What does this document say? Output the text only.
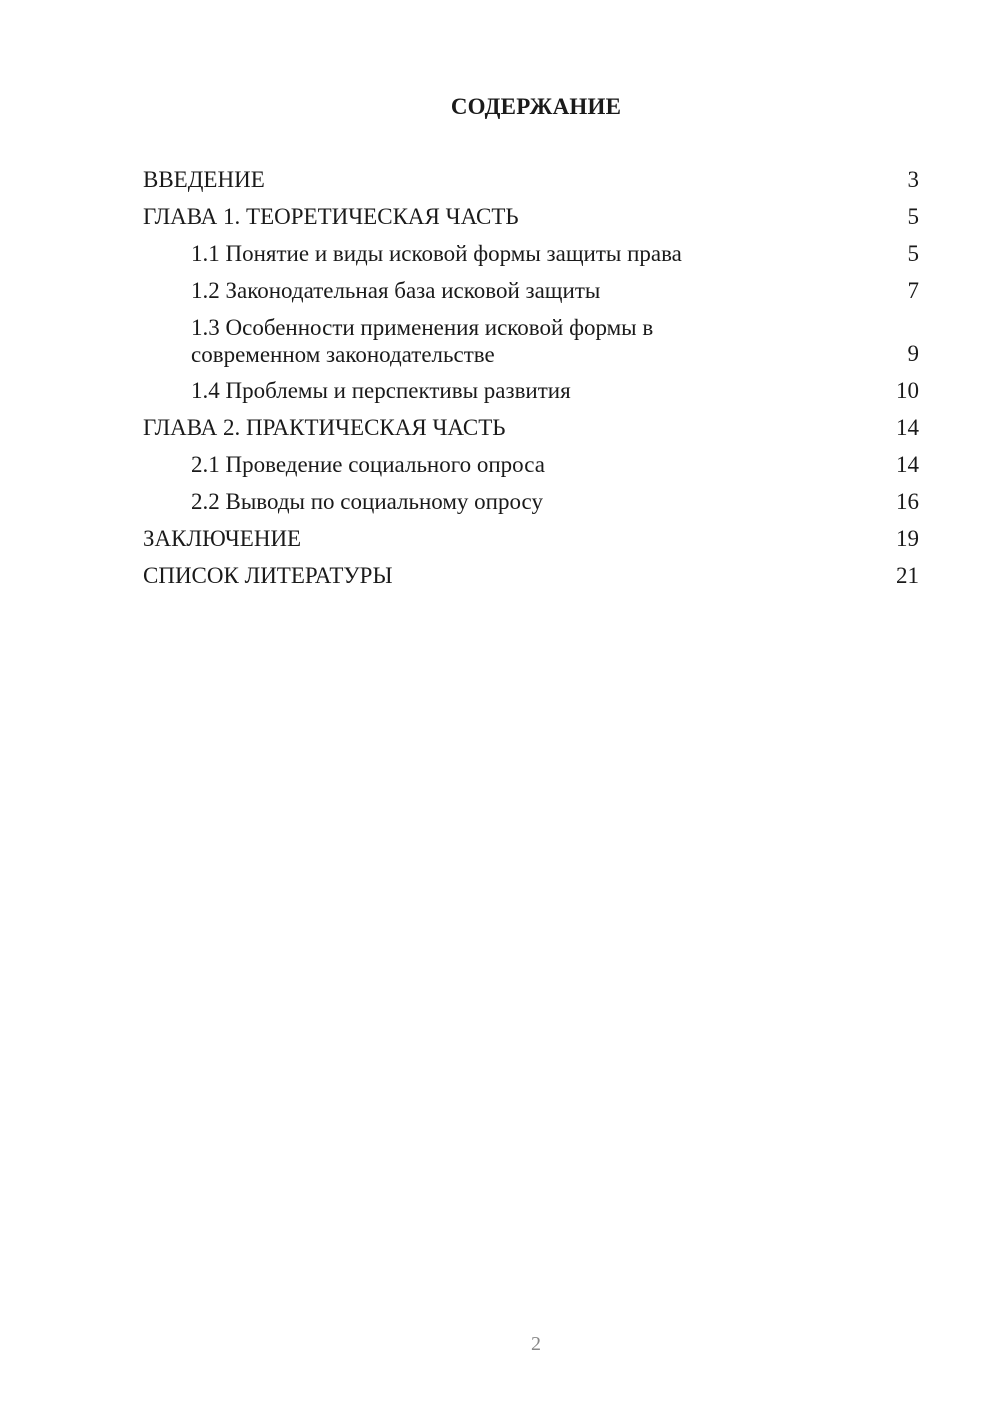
СОДЕРЖАНИЕ
ВВЕДЕНИЕ	3
ГЛАВА 1. ТЕОРЕТИЧЕСКАЯ ЧАСТЬ	5
1.1 Понятие и виды исковой формы защиты права	5
1.2 Законодательная база исковой защиты	7
1.3 Особенности применения исковой формы в современном законодательстве	9
1.4 Проблемы и перспективы развития	10
ГЛАВА 2. ПРАКТИЧЕСКАЯ ЧАСТЬ	14
2.1 Проведение социального опроса	14
2.2 Выводы по социальному опросу	16
ЗАКЛЮЧЕНИЕ	19
СПИСОК ЛИТЕРАТУРЫ	21
2
